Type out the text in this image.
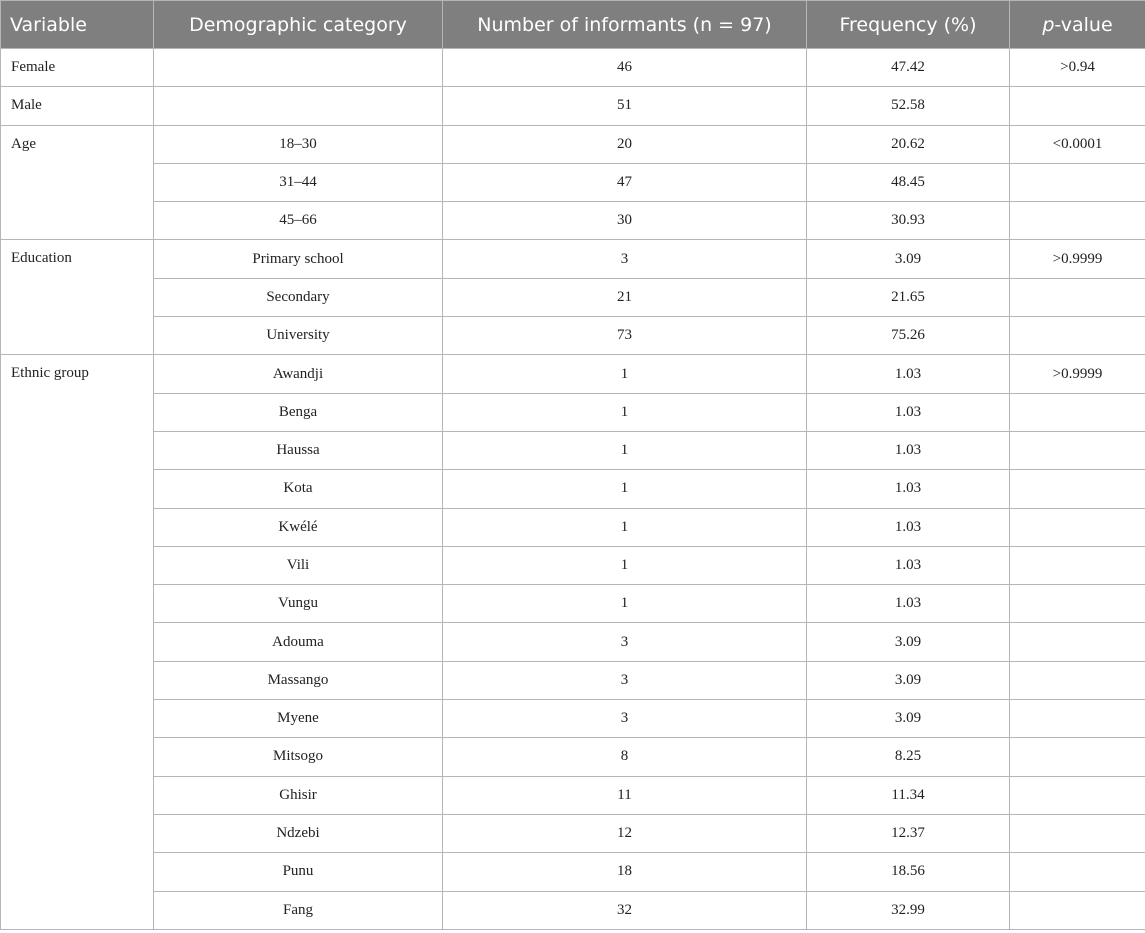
Variable	Demographic category	Number of informants (n = 97)	Frequency (%)	p-value
Female		46	47.42	>0.94
Male		51	52.58	
Age	18–30	20	20.62	<0.0001
	31–44	47	48.45	
	45–66	30	30.93	
Education	Primary school	3	3.09	>0.9999
	Secondary	21	21.65	
	University	73	75.26	
Ethnic group	Awandji	1	1.03	>0.9999
	Benga	1	1.03	
	Haussa	1	1.03	
	Kota	1	1.03	
	Kwélé	1	1.03	
	Vili	1	1.03	
	Vungu	1	1.03	
	Adouma	3	3.09	
	Massango	3	3.09	
	Myene	3	3.09	
	Mitsogo	8	8.25	
	Ghisir	11	11.34	
	Ndzebi	12	12.37	
	Punu	18	18.56	
	Fang	32	32.99	
